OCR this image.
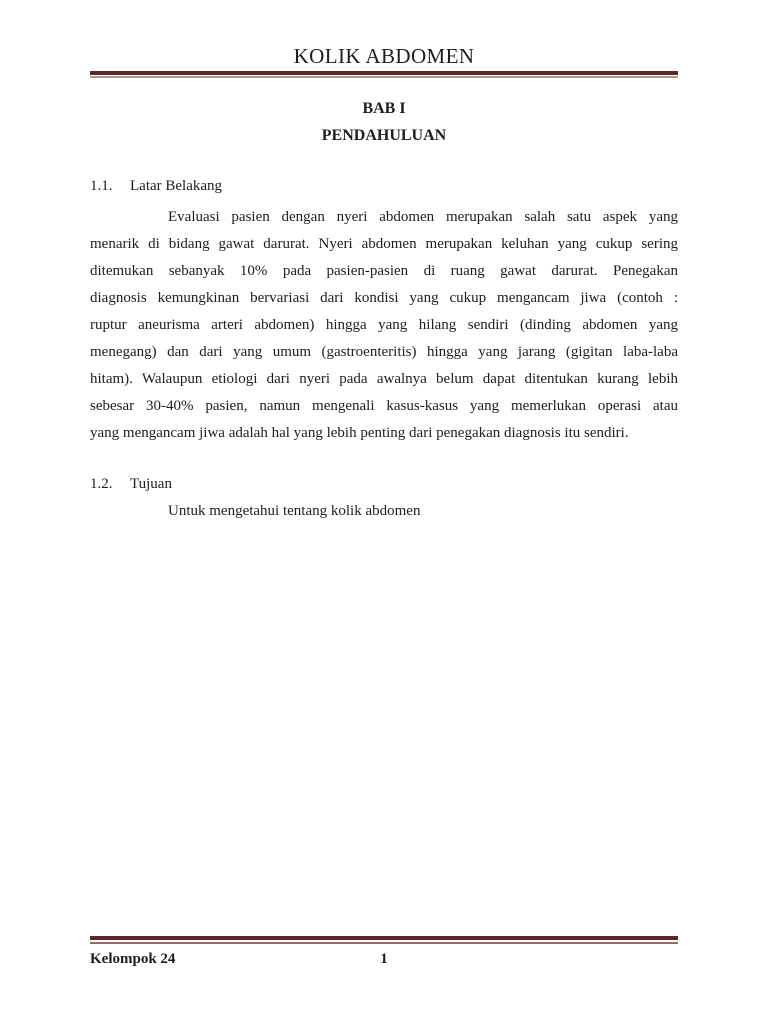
KOLIK ABDOMEN
BAB I
PENDAHULUAN
1.1.	Latar Belakang
Evaluasi pasien dengan nyeri abdomen merupakan salah satu aspek yang
menarik di bidang gawat darurat. Nyeri abdomen merupakan keluhan yang cukup sering
ditemukan sebanyak 10% pada pasien-pasien di ruang gawat darurat. Penegakan
diagnosis kemungkinan bervariasi dari kondisi yang cukup mengancam jiwa (contoh :
ruptur aneurisma arteri abdomen) hingga yang hilang sendiri (dinding abdomen yang
menegang) dan dari yang umum (gastroenteritis) hingga yang jarang (gigitan laba-laba
hitam). Walaupun etiologi dari nyeri pada awalnya belum dapat ditentukan kurang lebih
sebesar 30-40% pasien, namun mengenali kasus-kasus yang memerlukan operasi atau
yang mengancam jiwa adalah hal yang lebih penting dari penegakan diagnosis itu sendiri.
1.2.	Tujuan
Untuk mengetahui tentang kolik abdomen
Kelompok 24	1
